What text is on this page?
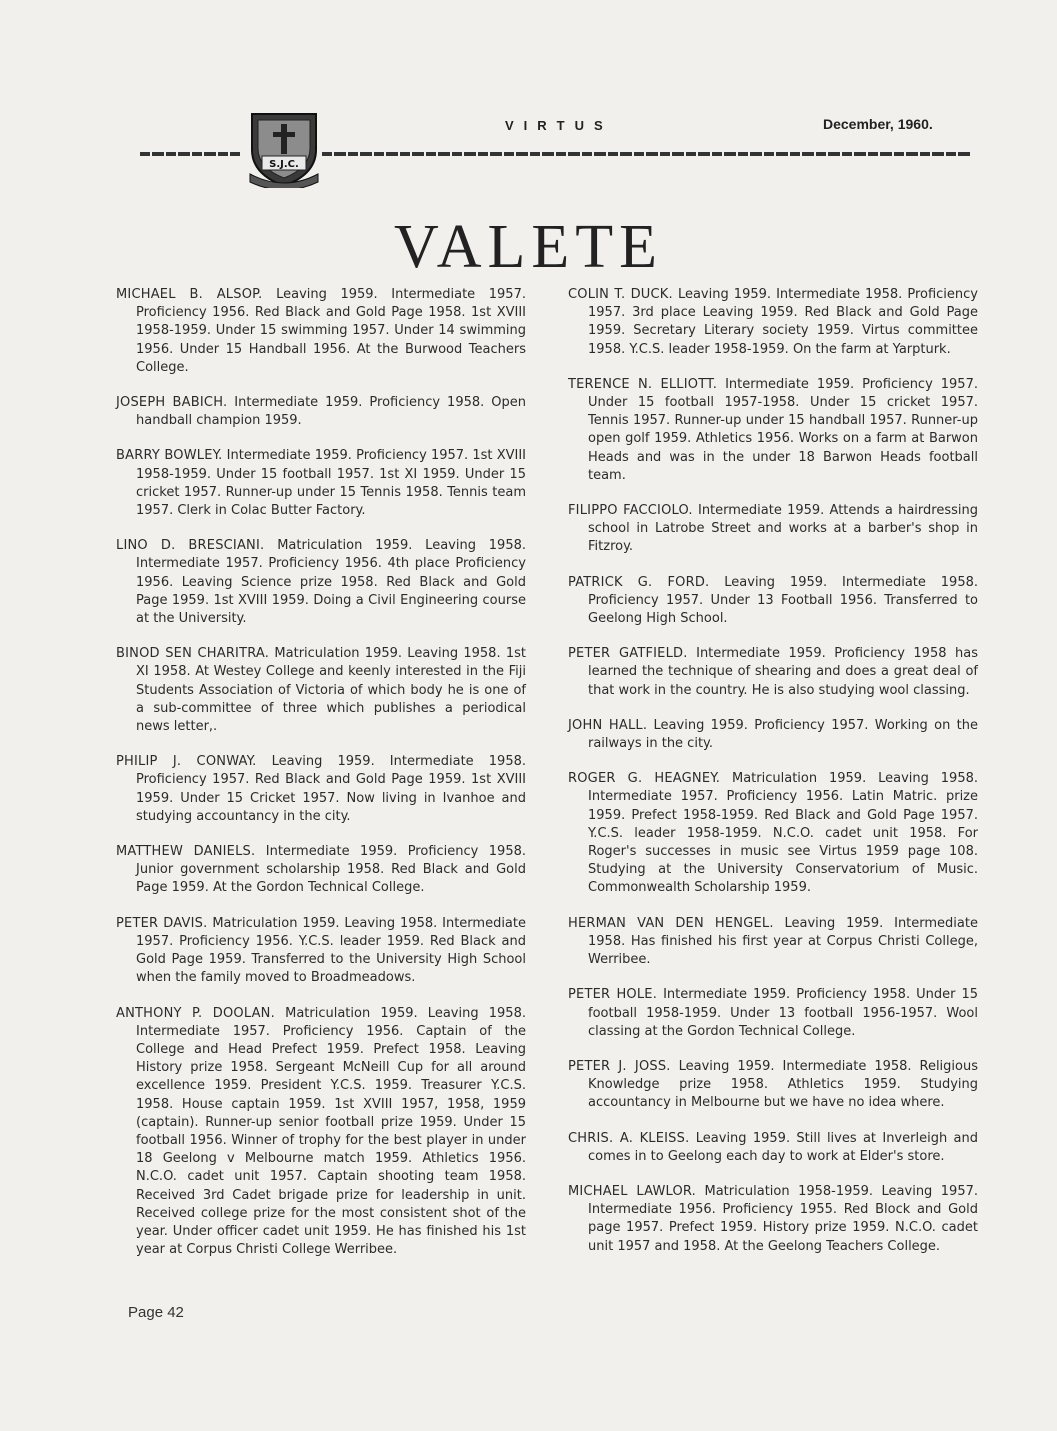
S.J.C.
VIRTUS	December, 1960.
VALETE

MICHAEL B. ALSOP. Leaving 1959. Intermediate 1957. Proficiency 1956. Red Black and Gold Page 1958. 1st XVIII 1958-1959. Under 15 swimming 1957. Under 14 swimming 1956. Under 15 Handball 1956. At the Burwood Teachers College.

JOSEPH BABICH. Intermediate 1959. Proficiency 1958. Open handball champion 1959.

BARRY BOWLEY. Intermediate 1959. Proficiency 1957. 1st XVIII 1958-1959. Under 15 football 1957. 1st XI 1959. Under 15 cricket 1957. Runner-up under 15 Tennis 1958. Tennis team 1957. Clerk in Colac Butter Factory.

LINO D. BRESCIANI. Matriculation 1959. Leaving 1958. Intermediate 1957. Proficiency 1956. 4th place Proficiency 1956. Leaving Science prize 1958. Red Black and Gold Page 1959. 1st XVIII 1959. Doing a Civil Engineering course at the University.

BINOD SEN CHARITRA. Matriculation 1959. Leaving 1958. 1st XI 1958. At Westey College and keenly interested in the Fiji Students Association of Victoria of which body he is one of a sub-committee of three which publishes a periodical news letter,.

PHILIP J. CONWAY. Leaving 1959. Intermediate 1958. Proficiency 1957. Red Black and Gold Page 1959. 1st XVIII 1959. Under 15 Cricket 1957. Now living in Ivanhoe and studying accountancy in the city.

MATTHEW DANIELS. Intermediate 1959. Proficiency 1958. Junior government scholarship 1958. Red Black and Gold Page 1959. At the Gordon Technical College.

PETER DAVIS. Matriculation 1959. Leaving 1958. Intermediate 1957. Proficiency 1956. Y.C.S. leader 1959. Red Black and Gold Page 1959. Transferred to the University High School when the family moved to Broadmeadows.

ANTHONY P. DOOLAN. Matriculation 1959. Leaving 1958. Intermediate 1957. Proficiency 1956. Captain of the College and Head Prefect 1959. Prefect 1958. Leaving History prize 1958. Sergeant McNeill Cup for all around excellence 1959. President Y.C.S. 1959. Treasurer Y.C.S. 1958. House captain 1959. 1st XVIII 1957, 1958, 1959 (captain). Runner-up senior football prize 1959. Under 15 football 1956. Winner of trophy for the best player in under 18 Geelong v Melbourne match 1959. Athletics 1956. N.C.O. cadet unit 1957. Captain shooting team 1958. Received 3rd Cadet brigade prize for leadership in unit. Received college prize for the most consistent shot of the year. Under officer cadet unit 1959. He has finished his 1st year at Corpus Christi College Werribee.

COLIN T. DUCK. Leaving 1959. Intermediate 1958. Proficiency 1957. 3rd place Leaving 1959. Red Black and Gold Page 1959. Secretary Literary society 1959. Virtus committee 1958. Y.C.S. leader 1958-1959. On the farm at Yarpturk.

TERENCE N. ELLIOTT. Intermediate 1959. Proficiency 1957. Under 15 football 1957-1958. Under 15 cricket 1957. Tennis 1957. Runner-up under 15 handball 1957. Runner-up open golf 1959. Athletics 1956. Works on a farm at Barwon Heads and was in the under 18 Barwon Heads football team.

FILIPPO FACCIOLO. Intermediate 1959. Attends a hairdressing school in Latrobe Street and works at a barber's shop in Fitzroy.

PATRICK G. FORD. Leaving 1959. Intermediate 1958. Proficiency 1957. Under 13 Football 1956. Transferred to Geelong High School.

PETER GATFIELD. Intermediate 1959. Proficiency 1958 has learned the technique of shearing and does a great deal of that work in the country. He is also studying wool classing.

JOHN HALL. Leaving 1959. Proficiency 1957. Working on the railways in the city.

ROGER G. HEAGNEY. Matriculation 1959. Leaving 1958. Intermediate 1957. Proficiency 1956. Latin Matric. prize 1959. Prefect 1958-1959. Red Black and Gold Page 1957. Y.C.S. leader 1958-1959. N.C.O. cadet unit 1958. For Roger's successes in music see Virtus 1959 page 108. Studying at the University Conservatorium of Music. Commonwealth Scholarship 1959.

HERMAN VAN DEN HENGEL. Leaving 1959. Intermediate 1958. Has finished his first year at Corpus Christi College, Werribee.

PETER HOLE. Intermediate 1959. Proficiency 1958. Under 15 football 1958-1959. Under 13 football 1956-1957. Wool classing at the Gordon Technical College.

PETER J. JOSS. Leaving 1959. Intermediate 1958. Religious Knowledge prize 1958. Athletics 1959. Studying accountancy in Melbourne but we have no idea where.

CHRIS. A. KLEISS. Leaving 1959. Still lives at Inverleigh and comes in to Geelong each day to work at Elder's store.

MICHAEL LAWLOR. Matriculation 1958-1959. Leaving 1957. Intermediate 1956. Proficiency 1955. Red Block and Gold page 1957. Prefect 1959. History prize 1959. N.C.O. cadet unit 1957 and 1958. At the Geelong Teachers College.

Page 42
